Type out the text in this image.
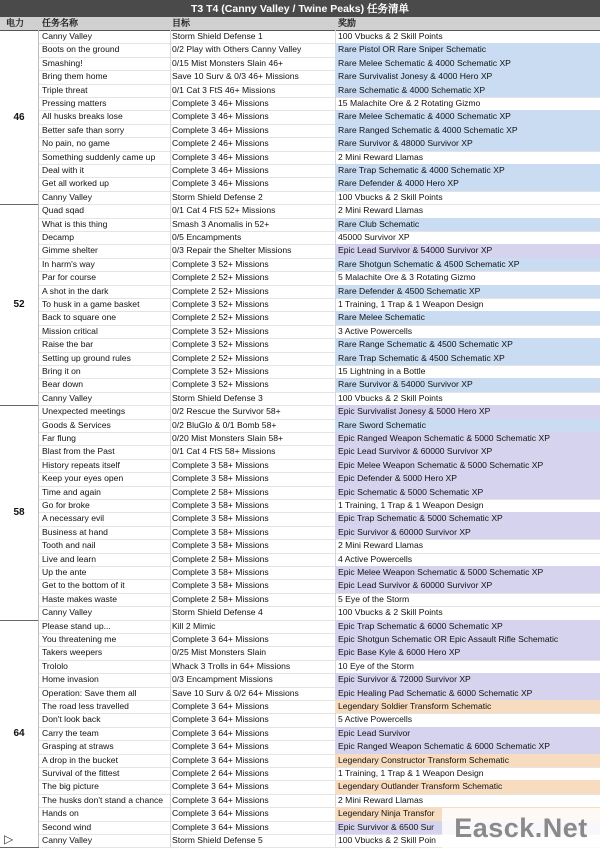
T3 T4 (Canny Valley / Twine Peaks) 任务清单
电力 任务名称	目标	奖励
46
Canny Valley	Storm Shield Defense 1	100 Vbucks & 2 Skill Points
Boots on the ground	0/2 Play with Others Canny Valley	Rare Pistol OR Rare Sniper Schematic
Smashing!	0/15 Mist Monsters Slain 46+	Rare Melee Schematic & 4000 Schematic XP
Bring them home	Save 10 Surv & 0/3 46+ Missions	Rare Survivalist Jonesy & 4000 Hero XP
Triple threat	0/1 Cat 3 FtS 46+ Missions	Rare Schematic & 4000 Schematic XP
Pressing matters	Complete 3 46+ Missions	15 Malachite Ore & 2 Rotating Gizmo
All husks breaks lose	Complete 3 46+ Missions	Rare Melee Schematic & 4000 Schematic XP
Better safe than sorry	Complete 3 46+ Missions	Rare Ranged Schematic & 4000 Schematic XP
No pain, no game	Complete 2 46+ Missions	Rare Survivor & 48000 Survivor XP
Something suddenly came up	Complete 3 46+ Missions	2 Mini Reward Llamas
Deal with it	Complete 3 46+ Missions	Rare Trap Schematic & 4000 Schematic XP
Get all worked up	Complete 3 46+ Missions	Rare Defender & 4000 Hero XP
Canny Valley	Storm Shield Defense 2	100 Vbucks & 2 Skill Points
52
Quad sqad	0/1 Cat 4 FtS 52+ Missions	2 Mini Reward Llamas
What is this thing	Smash 3 Anomalis in 52+	Rare Club Schematic
Decamp	0/5 Encampments	45000 Survivor XP
Gimme shelter	0/3 Repair the Shelter Missions	Epic Lead Survivor & 54000 Survivor XP
In harm's way	Complete 3 52+ Missions	Rare Shotgun Schematic & 4500 Schematic XP
Par for course	Complete 2 52+ Missions	5 Malachite Ore & 3 Rotating Gizmo
A shot in the dark	Complete 2 52+ Missions	Rare Defender & 4500 Schematic XP
To husk in a game basket	Complete 3 52+ Missions	1 Training, 1 Trap & 1 Weapon Design
Back to square one	Complete 2 52+ Missions	Rare Melee Schematic
Mission critical	Complete 3 52+ Missions	3 Active Powercells
Raise the bar	Complete 3 52+ Missions	Rare Range Schematic & 4500 Schematic XP
Setting up ground rules	Complete 2 52+ Missions	Rare Trap Schematic & 4500 Schematic XP
Bring it on	Complete 3 52+ Missions	15 Lightning in a Bottle
Bear down	Complete 3 52+ Missions	Rare Survivor & 54000 Survivor XP
Canny Valley	Storm Shield Defense 3	100 Vbucks & 2 Skill Points
58
Unexpected meetings	0/2 Rescue the Survivor 58+	Epic Survivalist Jonesy & 5000 Hero XP
Goods & Services	0/2 BluGlo & 0/1 Bomb 58+	Rare Sword Schematic
Far flung	0/20 Mist Monsters Slain 58+	Epic Ranged Weapon Schematic & 5000 Schematic XP
Blast from the Past	0/1 Cat 4 FtS 58+ Missions	Epic Lead Survivor & 60000 Survivor XP
History repeats itself	Complete 3 58+ Missions	Epic Melee Weapon Schematic & 5000 Schematic XP
Keep your eyes open	Complete 3 58+ Missions	Epic Defender & 5000 Hero XP
Time and again	Complete 2 58+ Missions	Epic Schematic & 5000 Schematic XP
Go for broke	Complete 3 58+ Missions	1 Training, 1 Trap & 1 Weapon Design
A necessary evil	Complete 3 58+ Missions	Epic Trap Schematic & 5000 Schematic XP
Business at hand	Complete 3 58+ Missions	Epic Survivor & 60000 Survivor XP
Tooth and nail	Complete 3 58+ Missions	2 Mini Reward Llamas
Live and learn	Complete 2 58+ Missions	4 Active Powercells
Up the ante	Complete 3 58+ Missions	Epic Melee Weapon Schematic & 5000 Schematic XP
Get to the bottom of it	Complete 3 58+ Missions	Epic Lead Survivor & 60000 Survivor XP
Haste makes waste	Complete 2 58+ Missions	5 Eye of the Storm
Canny Valley	Storm Shield Defense 4	100 Vbucks & 2 Skill Points
64
Please stand up...	Kill 2 Mimic	Epic Trap Schematic & 6000 Schematic XP
You threatening me	Complete 3 64+ Missions	Epic Shotgun Schematic OR Epic Assault Rifle Schematic
Takers weepers	0/25 Mist Monsters Slain	Epic Base Kyle & 6000 Hero XP
Trololo	Whack 3 Trolls in 64+ Missions	10 Eye of the Storm
Home invasion	0/3 Encampment Missions	Epic Survivor & 72000 Survivor XP
Operation: Save them all	Save 10 Surv & 0/2 64+ Missions	Epic Healing Pad Schematic & 6000 Schematic XP
The road less travelled	Complete 3 64+ Missions	Legendary Soldier Transform Schematic
Don't look back	Complete 3 64+ Missions	5 Active Powercells
Carry the team	Complete 3 64+ Missions	Epic Lead Survivor
Grasping at straws	Complete 3 64+ Missions	Epic Ranged Weapon Schematic & 6000 Schematic XP
A drop in the bucket	Complete 3 64+ Missions	Legendary Constructor Transform Schematic
Survival of the fittest	Complete 2 64+ Missions	1 Training, 1 Trap & 1 Weapon Design
The big picture	Complete 3 64+ Missions	Legendary Outlander Transform Schematic
The husks don't stand a chance	Complete 3 64+ Missions	2 Mini Reward Llamas
Hands on	Complete 3 64+ Missions	Legendary Ninja Transfor
Second wind	Complete 3 64+ Missions	Epic Survivor & 6500 Sur
Canny Valley	Storm Shield Defense 5	100 Vbucks & 2 Skill Poin
▷	Easck.Net
